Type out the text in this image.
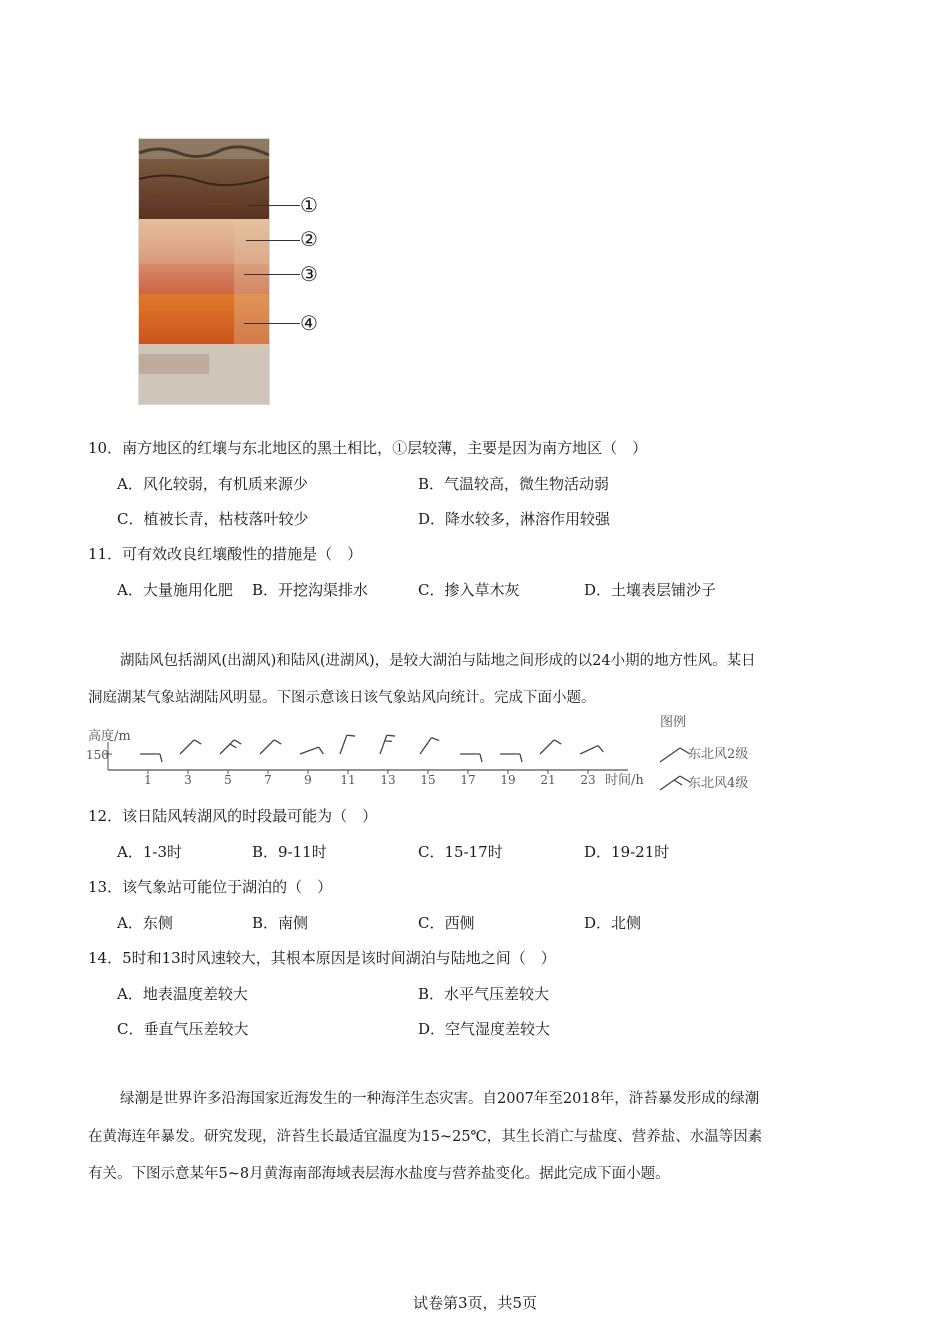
①
②
③
④
10．南方地区的红壤与东北地区的黑土相比，①层较薄，主要是因为南方地区（　）
A．风化较弱，有机质来源少	B．气温较高，微生物活动弱
C．植被长青，枯枝落叶较少	D．降水较多，淋溶作用较强
11．可有效改良红壤酸性的措施是（　）
A．大量施用化肥 B．开挖沟渠排水	C．掺入草木灰	D．土壤表层铺沙子
湖陆风包括湖风(出湖风)和陆风(进湖风)，是较大湖泊与陆地之间形成的以24小期的地方性风。某日
洞庭湖某气象站湖陆风明显。下图示意该日该气象站风向统计。完成下面小题。
高度/m
150
1	3	5	7	9 11 13 15 17 19 21 23 时间/h
图例
东北风2级
东北风4级
12．该日陆风转湖风的时段最可能为（　）
A．1-3时	B．9-11时	C．15-17时	D．19-21时
13．该气象站可能位于湖泊的（　）
A．东侧	B．南侧	C．西侧	D．北侧
14．5时和13时风速较大，其根本原因是该时间湖泊与陆地之间（　）
A．地表温度差较大	B．水平气压差较大
C．垂直气压差较大	D．空气湿度差较大
绿潮是世界许多沿海国家近海发生的一种海洋生态灾害。自2007年至2018年，浒苔暴发形成的绿潮
在黄海连年暴发。研究发现，浒苔生长最适宜温度为15~25℃，其生长消亡与盐度、营养盐、水温等因素
有关。下图示意某年5~8月黄海南部海域表层海水盐度与营养盐变化。据此完成下面小题。
试卷第3页，共5页
